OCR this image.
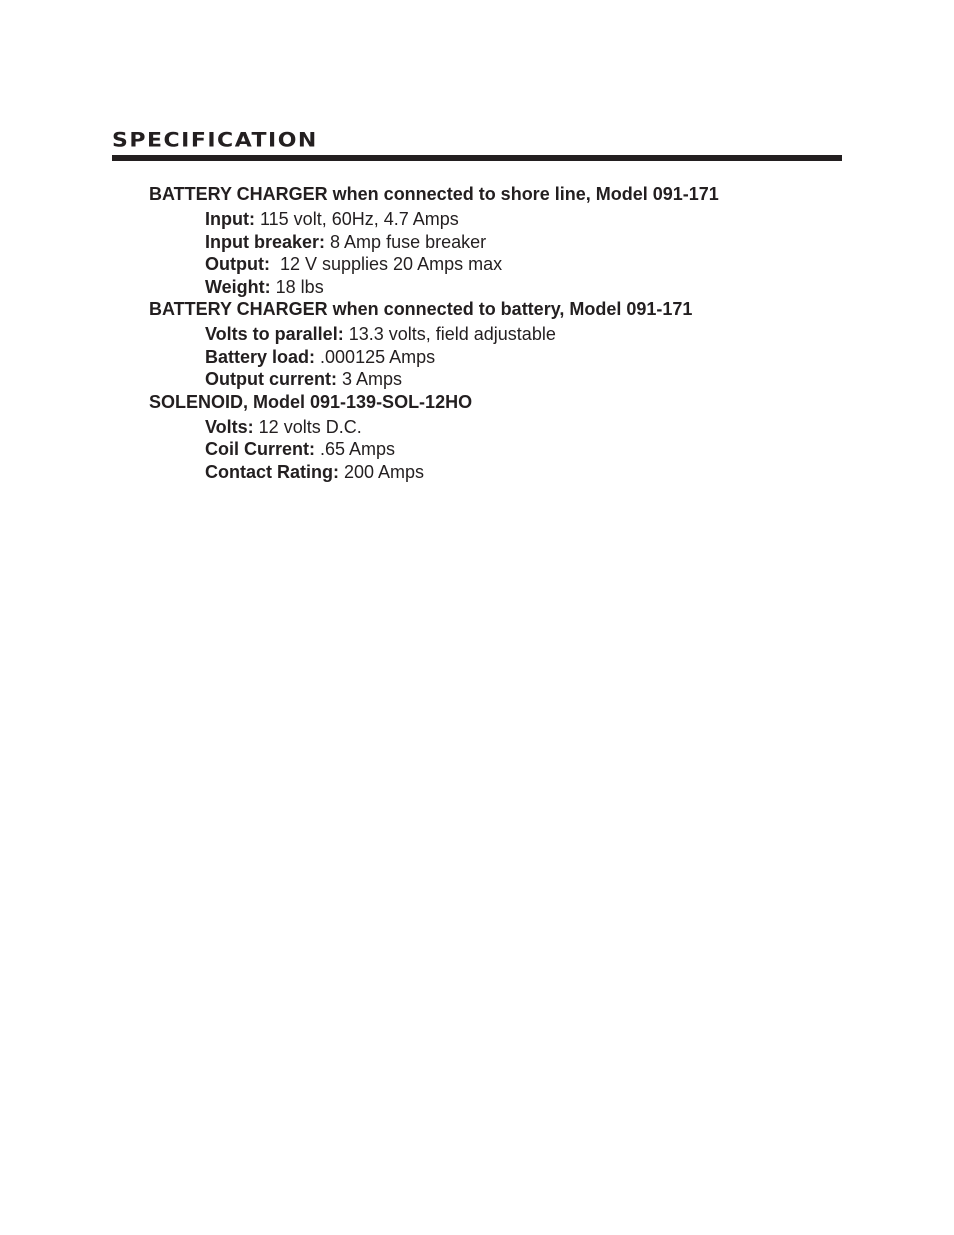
SPECIFICATION
BATTERY CHARGER when connected to shore line, Model 091-171
Input: 115 volt, 60Hz, 4.7 Amps
Input breaker: 8 Amp fuse breaker
Output:  12 V supplies 20 Amps max
Weight: 18 lbs
BATTERY CHARGER when connected to battery, Model 091-171
Volts to parallel: 13.3 volts, field adjustable
Battery load: .000125 Amps
Output current: 3 Amps
SOLENOID, Model 091-139-SOL-12HO
Volts: 12 volts D.C.
Coil Current: .65 Amps
Contact Rating: 200 Amps
